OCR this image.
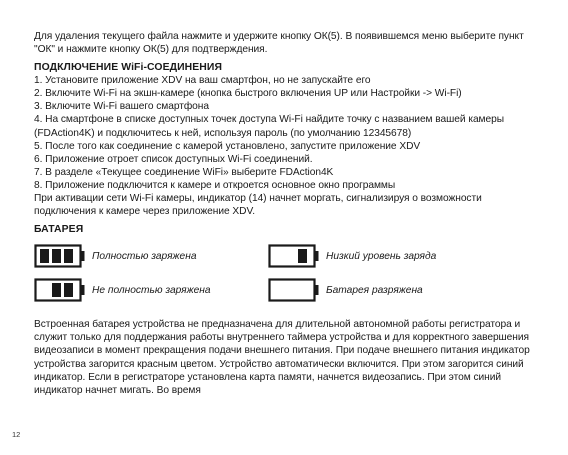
Для удаления текущего файла нажмите и удержите кнопку ОК(5). В появившемся меню выберите пункт "ОК" и нажмите кнопку ОК(5) для подтверждения.

ПОДКЛЮЧЕНИЕ WiFi-СОЕДИНЕНИЯ

1. Установите приложение XDV на ваш смартфон, но не запускайте его

2. Включите Wi-Fi на экшн-камере (кнопка быстрого включения UP или Настройки -> Wi-Fi)

3. Включите Wi-Fi вашего смартфона

4. На смартфоне в списке доступных точек доступа Wi-Fi найдите точку с названием вашей камеры (FDAction4K) и подключитесь к ней, используя пароль (по умолчанию 12345678)

5. После того как соединение с камерой установлено, запустите приложение XDV

6. Приложение отроет список доступных Wi-Fi соединений.

7. В разделе «Текущее соединение WiFi» выберите FDAction4K

8. Приложение подключится к камере и откроется основное окно программы

При активации сети Wi-Fi камеры, индикатор (14) начнет моргать, сигнализируя о возможности подключения к камере через приложение XDV.

БАТАРЕЯ

Полностью заряжена	Низкий уровень заряда
Не полностью заряжена	Батарея разряжена

Встроенная батарея устройства не предназначена для длительной автономной работы регистратора и служит только для поддержания работы внутреннего таймера устройства и для корректного завершения видеозаписи в момент прекращения подачи внешнего питания. При подаче внешнего питания индикатор устройства загорится красным цветом. Устройство автоматически включится. При этом загорится синий индикатор. Если в регистраторе установлена карта памяти, начнется видеозапись. При этом синий индикатор начнет мигать. Во время

12
